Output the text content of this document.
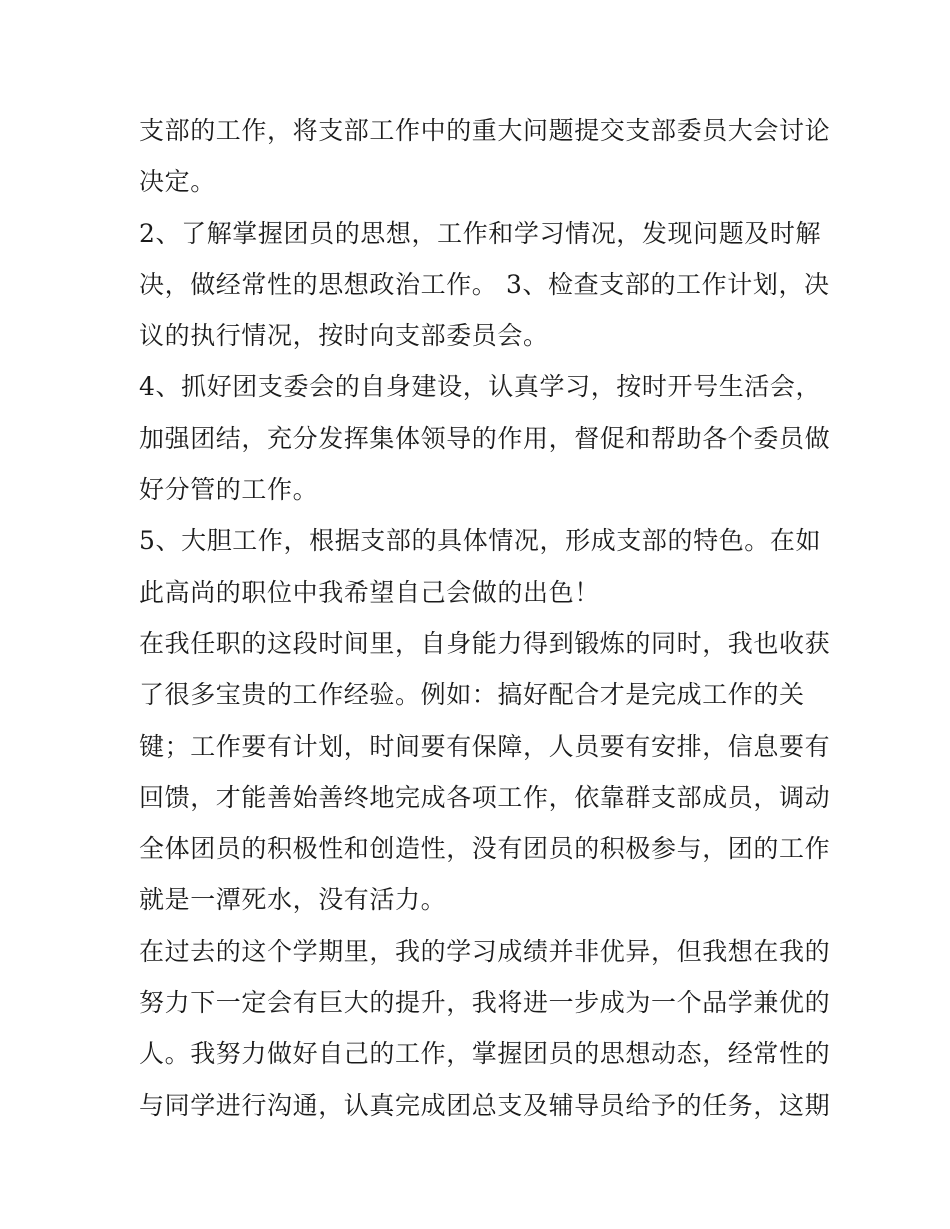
支部的工作，将支部工作中的重大问题提交支部委员大会讨论
决定。
2、了解掌握团员的思想，工作和学习情况，发现问题及时解
决，做经常性的思想政治工作。 3、检查支部的工作计划，决
议的执行情况，按时向支部委员会。
4、抓好团支委会的自身建设，认真学习，按时开号生活会，
加强团结，充分发挥集体领导的作用，督促和帮助各个委员做
好分管的工作。
5、大胆工作，根据支部的具体情况，形成支部的特色。在如
此高尚的职位中我希望自己会做的出色！
在我任职的这段时间里，自身能力得到锻炼的同时，我也收获
了很多宝贵的工作经验。例如：搞好配合才是完成工作的关
键；工作要有计划，时间要有保障，人员要有安排，信息要有
回馈，才能善始善终地完成各项工作，依靠群支部成员，调动
全体团员的积极性和创造性，没有团员的积极参与，团的工作
就是一潭死水，没有活力。
在过去的这个学期里，我的学习成绩并非优异，但我想在我的
努力下一定会有巨大的提升，我将进一步成为一个品学兼优的
人。我努力做好自己的工作，掌握团员的思想动态，经常性的
与同学进行沟通，认真完成团总支及辅导员给予的任务，这期
